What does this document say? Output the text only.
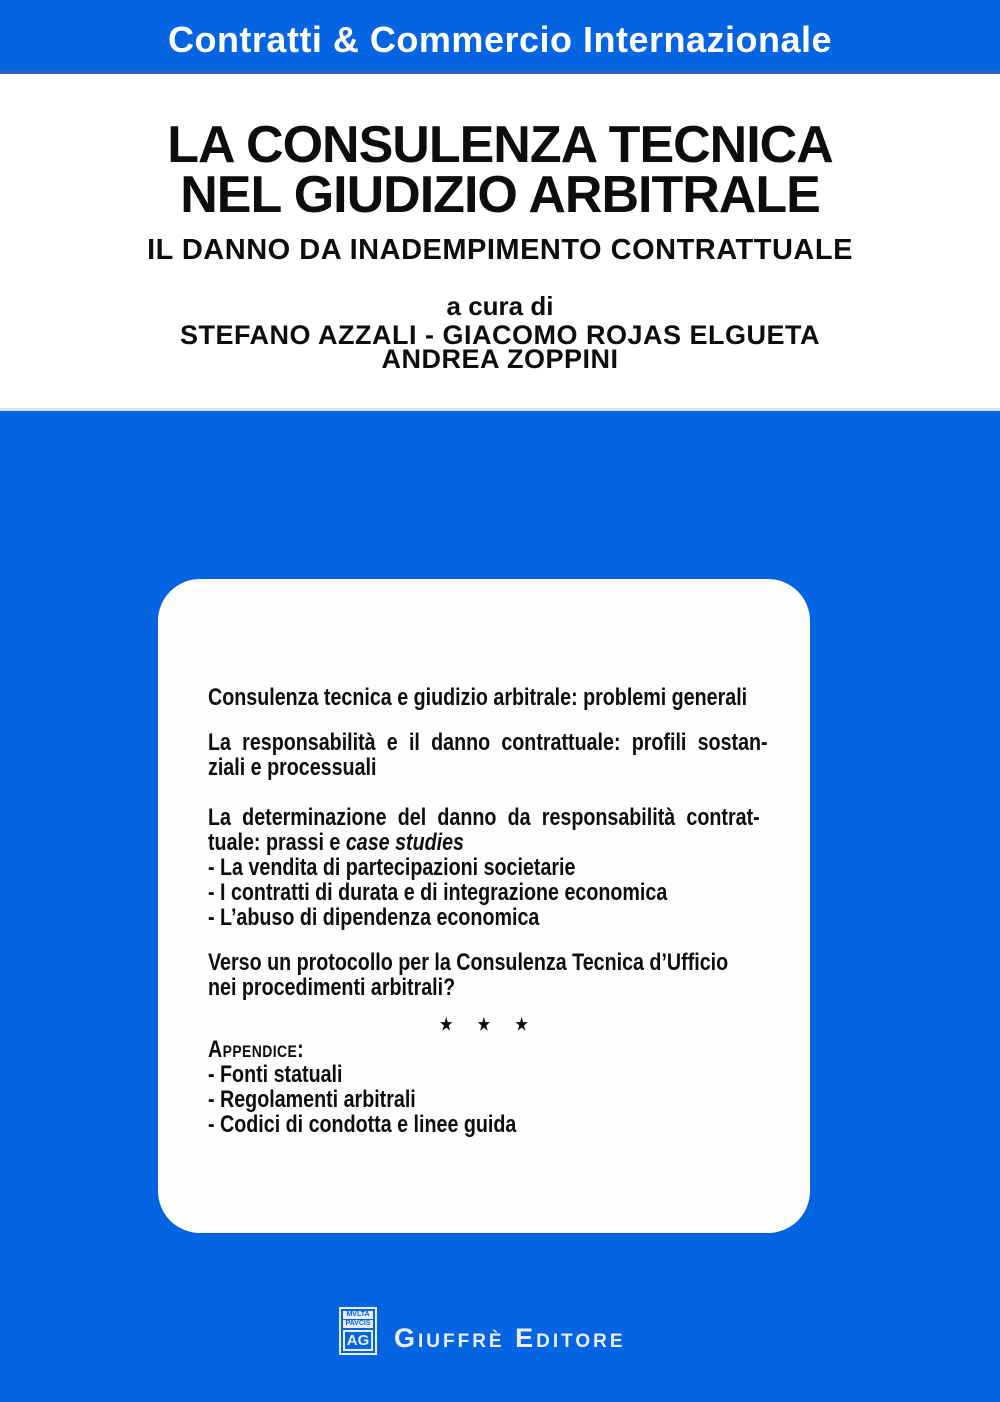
Contratti & Commercio Internazionale
LA CONSULENZA TECNICA
NEL GIUDIZIO ARBITRALE
IL DANNO DA INADEMPIMENTO CONTRATTUALE
a cura di
STEFANO AZZALI - GIACOMO ROJAS ELGUETA
ANDREA ZOPPINI

Consulenza tecnica e giudizio arbitrale: problemi generali

La responsabilità e il danno contrattuale: profili sostan-
ziali e processuali

La determinazione del danno da responsabilità contrat-
tuale: prassi e case studies
- La vendita di partecipazioni societarie
- I contratti di durata e di integrazione economica
- L’abuso di dipendenza economica

Verso un protocollo per la Consulenza Tecnica d’Ufficio
nei procedimenti arbitrali?

★ ★ ★
Appendice:
- Fonti statuali
- Regolamenti arbitrali
- Codici di condotta e linee guida
MVLTA
PAVCIS
AG Giuffrè Editore
